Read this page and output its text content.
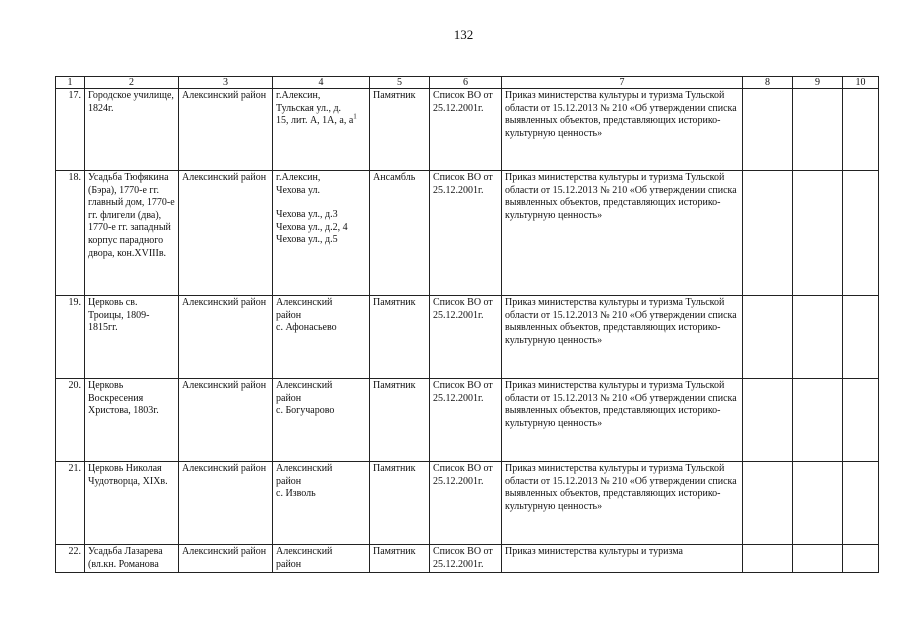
132
1	2	3	4	5	6	7	8	9	10
17.	Городское училище, 1824г.	Алексинский район	г.Алексин,
Тульская ул., д.
15, лит. А, 1А, а, $а^1$	Памятник	Список ВО от 25.12.2001г.	Приказ министерства культуры и туризма Тульской области от 15.12.2013 № 210 «Об утверждении списка выявленных объектов, представляющих историко-культурную ценность»			
18.	Усадьба Тюфякина (Бэра), 1770-е гг. главный дом, 1770-е гг. флигели (два), 1770-е гг. западный корпус парадного двора, кон.XVIIIв.	Алексинский район	г.Алексин,
Чехова ул.
Чехова ул., д.3
Чехова ул., д.2, 4
Чехова ул., д.5	Ансамбль	Список ВО от 25.12.2001г.	Приказ министерства культуры и туризма Тульской области от 15.12.2013 № 210 «Об утверждении списка выявленных объектов, представляющих историко-культурную ценность»			
19.	Церковь св. Троицы, 1809-1815гг.	Алексинский район	Алексинский
район
с. Афонасьево	Памятник	Список ВО от 25.12.2001г.	Приказ министерства культуры и туризма Тульской области от 15.12.2013 № 210 «Об утверждении списка выявленных объектов, представляющих историко-культурную ценность»			
20.	Церковь Воскресения Христова, 1803г.	Алексинский район	Алексинский
район
с. Богучарово	Памятник	Список ВО от 25.12.2001г.	Приказ министерства культуры и туризма Тульской области от 15.12.2013 № 210 «Об утверждении списка выявленных объектов, представляющих историко-культурную ценность»			
21.	Церковь Николая Чудотворца, XIXв.	Алексинский район	Алексинский
район
с. Изволь	Памятник	Список ВО от 25.12.2001г.	Приказ министерства культуры и туризма Тульской области от 15.12.2013 № 210 «Об утверждении списка выявленных объектов, представляющих историко-культурную ценность»			
22.	Усадьба Лазарева (вл.кн. Романова	Алексинский район	Алексинский
район	Памятник	Список ВО от 25.12.2001г.	Приказ министерства культуры и туризма			
